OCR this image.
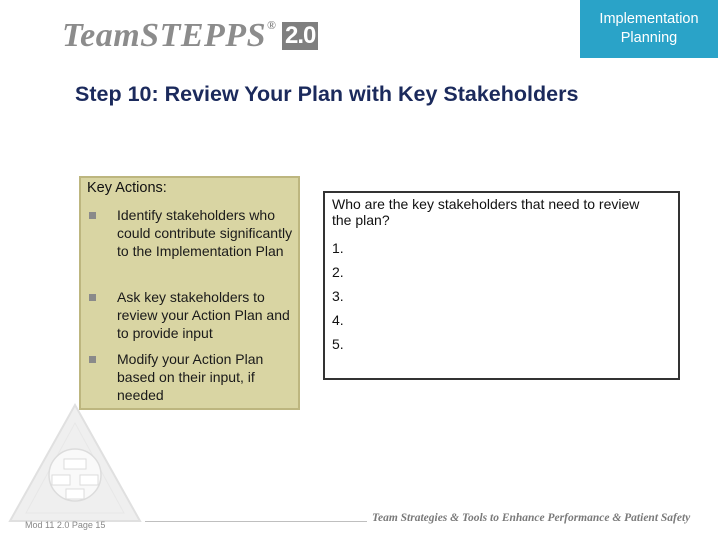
TeamSTEPPS ® 2.0
Implementation
Planning
Step 10: Review Your Plan with Key Stakeholders
Key Actions:
Identify stakeholders who could contribute significantly to the Implementation Plan
Ask key stakeholders to review your Action Plan and to provide input
Modify your Action Plan based on their input, if needed
Who are the key stakeholders that need to review the plan?
1.
2.
3.
4.
5.
Mod 11 2.0 Page 15
Team Strategies & Tools to Enhance Performance & Patient Safety
